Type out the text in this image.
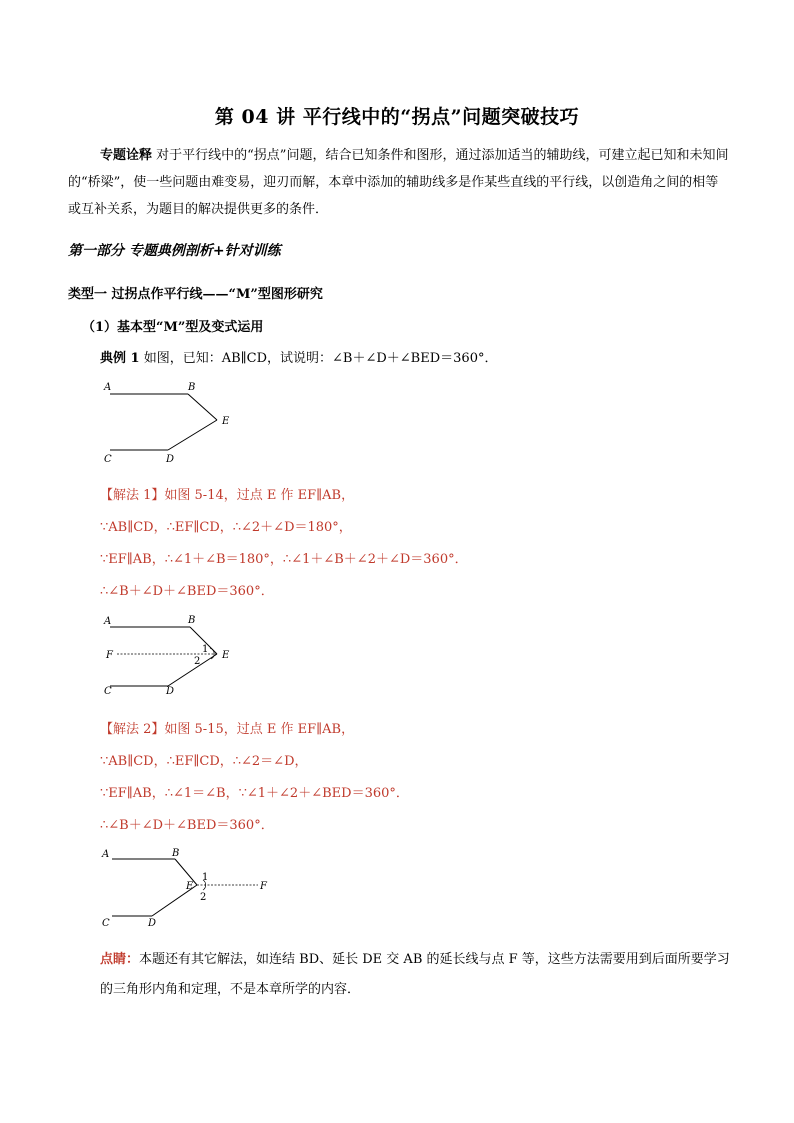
第 04 讲 平行线中的“拐点”问题突破技巧
专题诠释 对于平行线中的“拐点”问题，结合已知条件和图形，通过添加适当的辅助线，可建立起已知和未知间的“桥梁”，使一些问题由难变易，迎刃而解，本章中添加的辅助线多是作某些直线的平行线，以创造角之间的相等或互补关系，为题目的解决提供更多的条件．
第一部分 专题典例剖析+针对训练
类型一 过拐点作平行线——“M”型图形研究
（1）基本型“M”型及变式运用
典例 1 如图，已知：AB∥CD，试说明：∠B＋∠D＋∠BED＝360°．
A	B
E
C	D
【解法 1】如图 5-14，过点 E 作 EF∥AB，
∵AB∥CD，∴EF∥CD，∴∠2＋∠D＝180°，
∵EF∥AB，∴∠1＋∠B＝180°，∴∠1＋∠B＋∠2＋∠D＝360°．
∴∠B＋∠D＋∠BED＝360°．
A	B
F	E
1
2
C	D
【解法 2】如图 5-15，过点 E 作 EF∥AB，
∵AB∥CD，∴EF∥CD，∴∠2＝∠D，
∵EF∥AB，∴∠1＝∠B，∵∠1＋∠2＋∠BED＝360°．
∴∠B＋∠D＋∠BED＝360°．
A	B
E
1
2
F
C	D
点睛：本题还有其它解法，如连结 BD、延长 DE 交 AB 的延长线与点 F 等，这些方法需要用到后面所要学习的三角形内角和定理，不是本章所学的内容．
